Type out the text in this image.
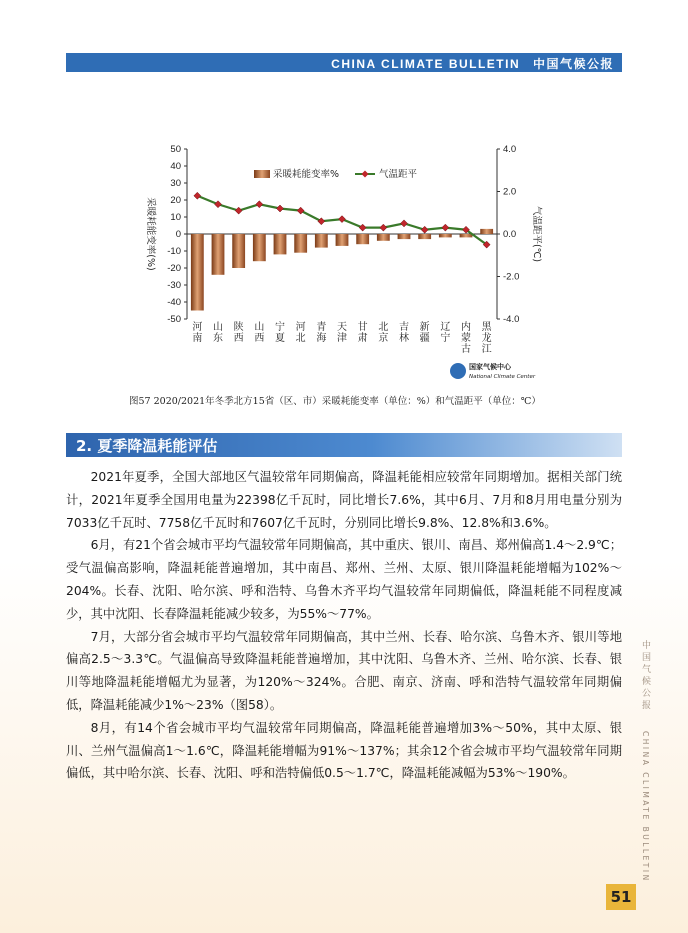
CHINA CLIMATE BULLETIN 中国气候公报
50
40
30
20
10
0
-10
-20
-30
-40
-50
4.0
2.0
0.0
-2.0
-4.0
采暖耗能变率(%)	气温距平(℃)
河南
山东
陕西
山西
宁夏
河北
青海
天津
甘肃
北京
吉林
新疆
辽宁
内蒙古
黑龙江
采暖耗能变率%	气温距平
国家气候中心
National Climate Center
图57 2020/2021年冬季北方15省（区、市）采暖耗能变率（单位：%）和气温距平（单位：℃）
2. 夏季降温耗能评估

2021年夏季，全国大部地区气温较常年同期偏高，降温耗能相应较常年同期增加。据相关部门统计，2021年夏季全国用电量为22398亿千瓦时，同比增长7.6%，其中6月、7月和8月用电量分别为7033亿千瓦时、7758亿千瓦时和7607亿千瓦时，分别同比增长9.8%、12.8%和3.6%。

6月，有21个省会城市平均气温较常年同期偏高，其中重庆、银川、南昌、郑州偏高1.4～2.9℃；受气温偏高影响，降温耗能普遍增加，其中南昌、郑州、兰州、太原、银川降温耗能增幅为102%～204%。长春、沈阳、哈尔滨、呼和浩特、乌鲁木齐平均气温较常年同期偏低，降温耗能不同程度减少，其中沈阳、长春降温耗能减少较多，为55%～77%。

7月，大部分省会城市平均气温较常年同期偏高，其中兰州、长春、哈尔滨、乌鲁木齐、银川等地偏高2.5～3.3℃。气温偏高导致降温耗能普遍增加，其中沈阳、乌鲁木齐、兰州、哈尔滨、长春、银川等地降温耗能增幅尤为显著，为120%～324%。合肥、南京、济南、呼和浩特气温较常年同期偏低，降温耗能减少1%～23%（图58）。

8月，有14个省会城市平均气温较常年同期偏高，降温耗能普遍增加3%～50%，其中太原、银川、兰州气温偏高1～1.6℃，降温耗能增幅为91%～137%；其余12个省会城市平均气温较常年同期偏低，其中哈尔滨、长春、沈阳、呼和浩特偏低0.5～1.7℃，降温耗能减幅为53%～190%。

中国气候公报 CHINA CLIMATE BULLETIN
51
